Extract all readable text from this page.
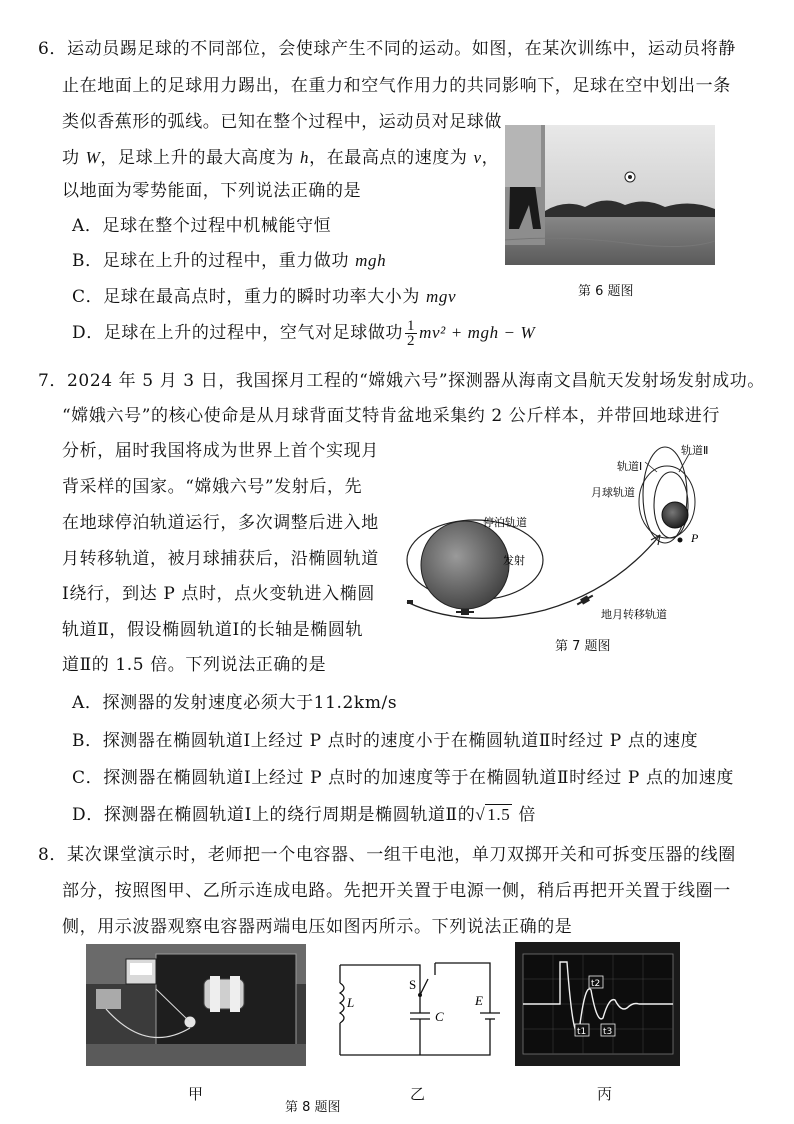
6．运动员踢足球的不同部位，会使球产生不同的运动。如图，在某次训练中，运动员将静
止在地面上的足球用力踢出，在重力和空气作用力的共同影响下，足球在空中划出一条
类似香蕉形的弧线。已知在整个过程中，运动员对足球做
功 W，足球上升的最大高度为 h，在最高点的速度为 v，
以地面为零势能面，下列说法正确的是
A．足球在整个过程中机械能守恒
B．足球在上升的过程中，重力做功 mgh
C．足球在最高点时，重力的瞬时功率大小为 mgv
D．足球在上升的过程中，空气对足球做功 $\frac{1}{2} mv^2$ + mgh − W
第 6 题图
7．2024 年 5 月 3 日，我国探月工程的“嫦娥六号”探测器从海南文昌航天发射场发射成功。
“嫦娥六号”的核心使命是从月球背面艾特肯盆地采集约 2 公斤样本，并带回地球进行
分析，届时我国将成为世界上首个实现月
背采样的国家。“嫦娥六号”发射后，先
在地球停泊轨道运行，多次调整后进入地
月转移轨道，被月球捕获后，沿椭圆轨道
Ⅰ绕行，到达 P 点时，点火变轨进入椭圆
轨道Ⅱ，假设椭圆轨道Ⅰ的长轴是椭圆轨
道Ⅱ的 1.5 倍。下列说法正确的是
A．探测器的发射速度必须大于11.2km/s
B．探测器在椭圆轨道Ⅰ上经过 P 点时的速度小于在椭圆轨道Ⅱ时经过 P 点的速度
C．探测器在椭圆轨道Ⅰ上经过 P 点时的加速度等于在椭圆轨道Ⅱ时经过 P 点的加速度
D．探测器在椭圆轨道Ⅰ上的绕行周期是椭圆轨道Ⅱ的√ 1.5 倍
轨道Ⅰ
轨道Ⅱ
月球轨道
停泊轨道
发射
地月转移轨道
P
第 7 题图
8．某次课堂演示时，老师把一个电容器、一组干电池，单刀双掷开关和可拆变压器的线圈
部分，按照图甲、乙所示连成电路。先把开关置于电源一侧，稍后再把开关置于线圈一
侧，用示波器观察电容器两端电压如图丙所示。下列说法正确的是
L
S
C
E
t2
t1 t3
甲
第 8 题图
乙	丙
